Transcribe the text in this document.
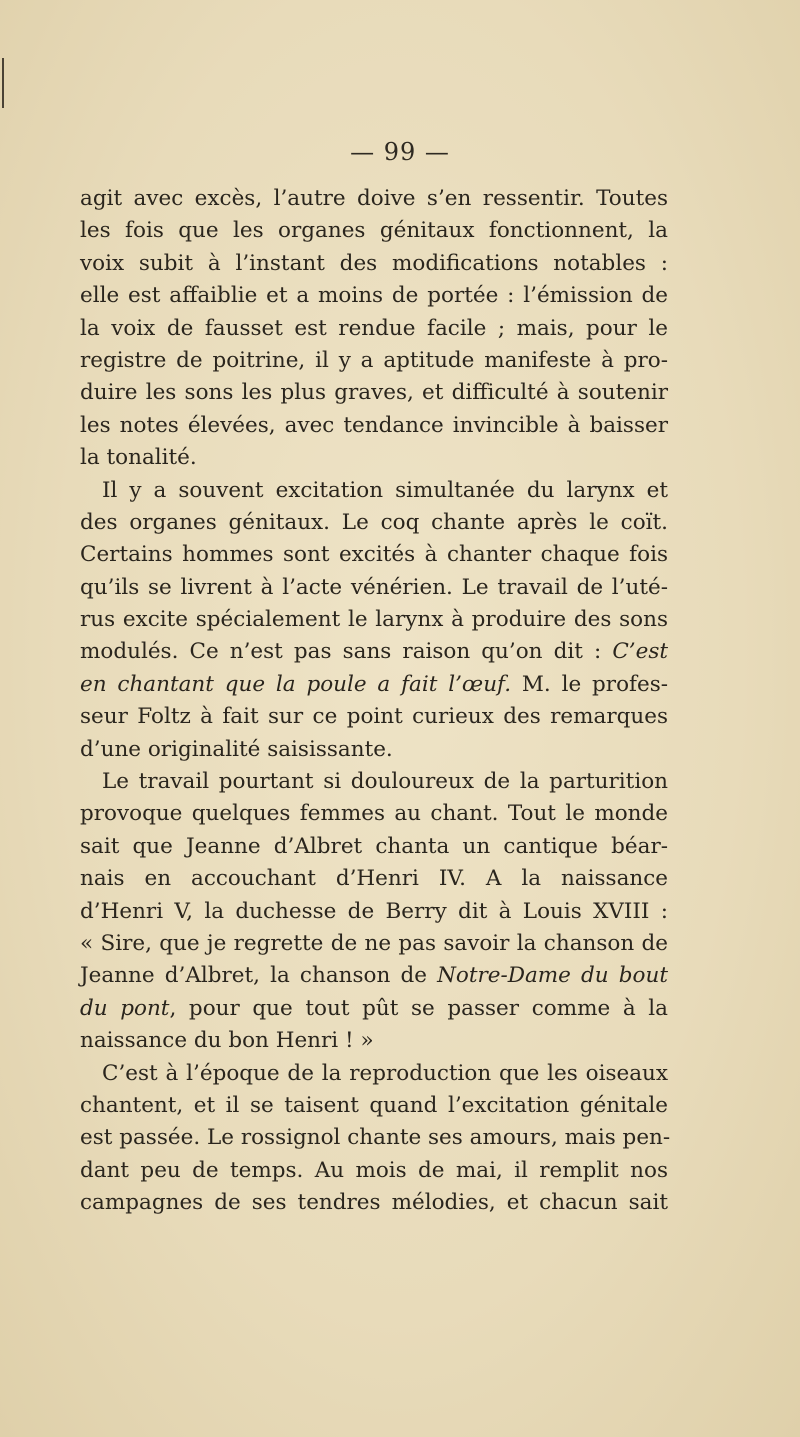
— 99 —
agit avec excès, l’autre doive s’en ressentir. Toutes
les fois que les organes génitaux fonctionnent, la
voix subit à l’instant des modifications notables :
elle est affaiblie et a moins de portée : l’émission de
la voix de fausset est rendue facile ; mais, pour le
registre de poitrine, il y a aptitude manifeste à pro-
duire les sons les plus graves, et difficulté à soutenir
les notes élevées, avec tendance invincible à baisser
la tonalité.
Il y a souvent excitation simultanée du larynx et
des organes génitaux. Le coq chante après le coït.
Certains hommes sont excités à chanter chaque fois
qu’ils se livrent à l’acte vénérien. Le travail de l’uté-
rus excite spécialement le larynx à produire des sons
modulés. Ce n’est pas sans raison qu’on dit : C’est
en chantant que la poule a fait l’œuf. M. le profes-
seur Foltz à fait sur ce point curieux des remarques
d’une originalité saisissante.
Le travail pourtant si douloureux de la parturition
provoque quelques femmes au chant. Tout le monde
sait que Jeanne d’Albret chanta un cantique béar-
nais en accouchant d’Henri IV. A la naissance
d’Henri V, la duchesse de Berry dit à Louis XVIII :
« Sire, que je regrette de ne pas savoir la chanson de
Jeanne d’Albret, la chanson de Notre-Dame du bout
du pont, pour que tout pût se passer comme à la
naissance du bon Henri ! »
C’est à l’époque de la reproduction que les oiseaux
chantent, et il se taisent quand l’excitation génitale
est passée. Le rossignol chante ses amours, mais pen-
dant peu de temps. Au mois de mai, il remplit nos
campagnes de ses tendres mélodies, et chacun sait
